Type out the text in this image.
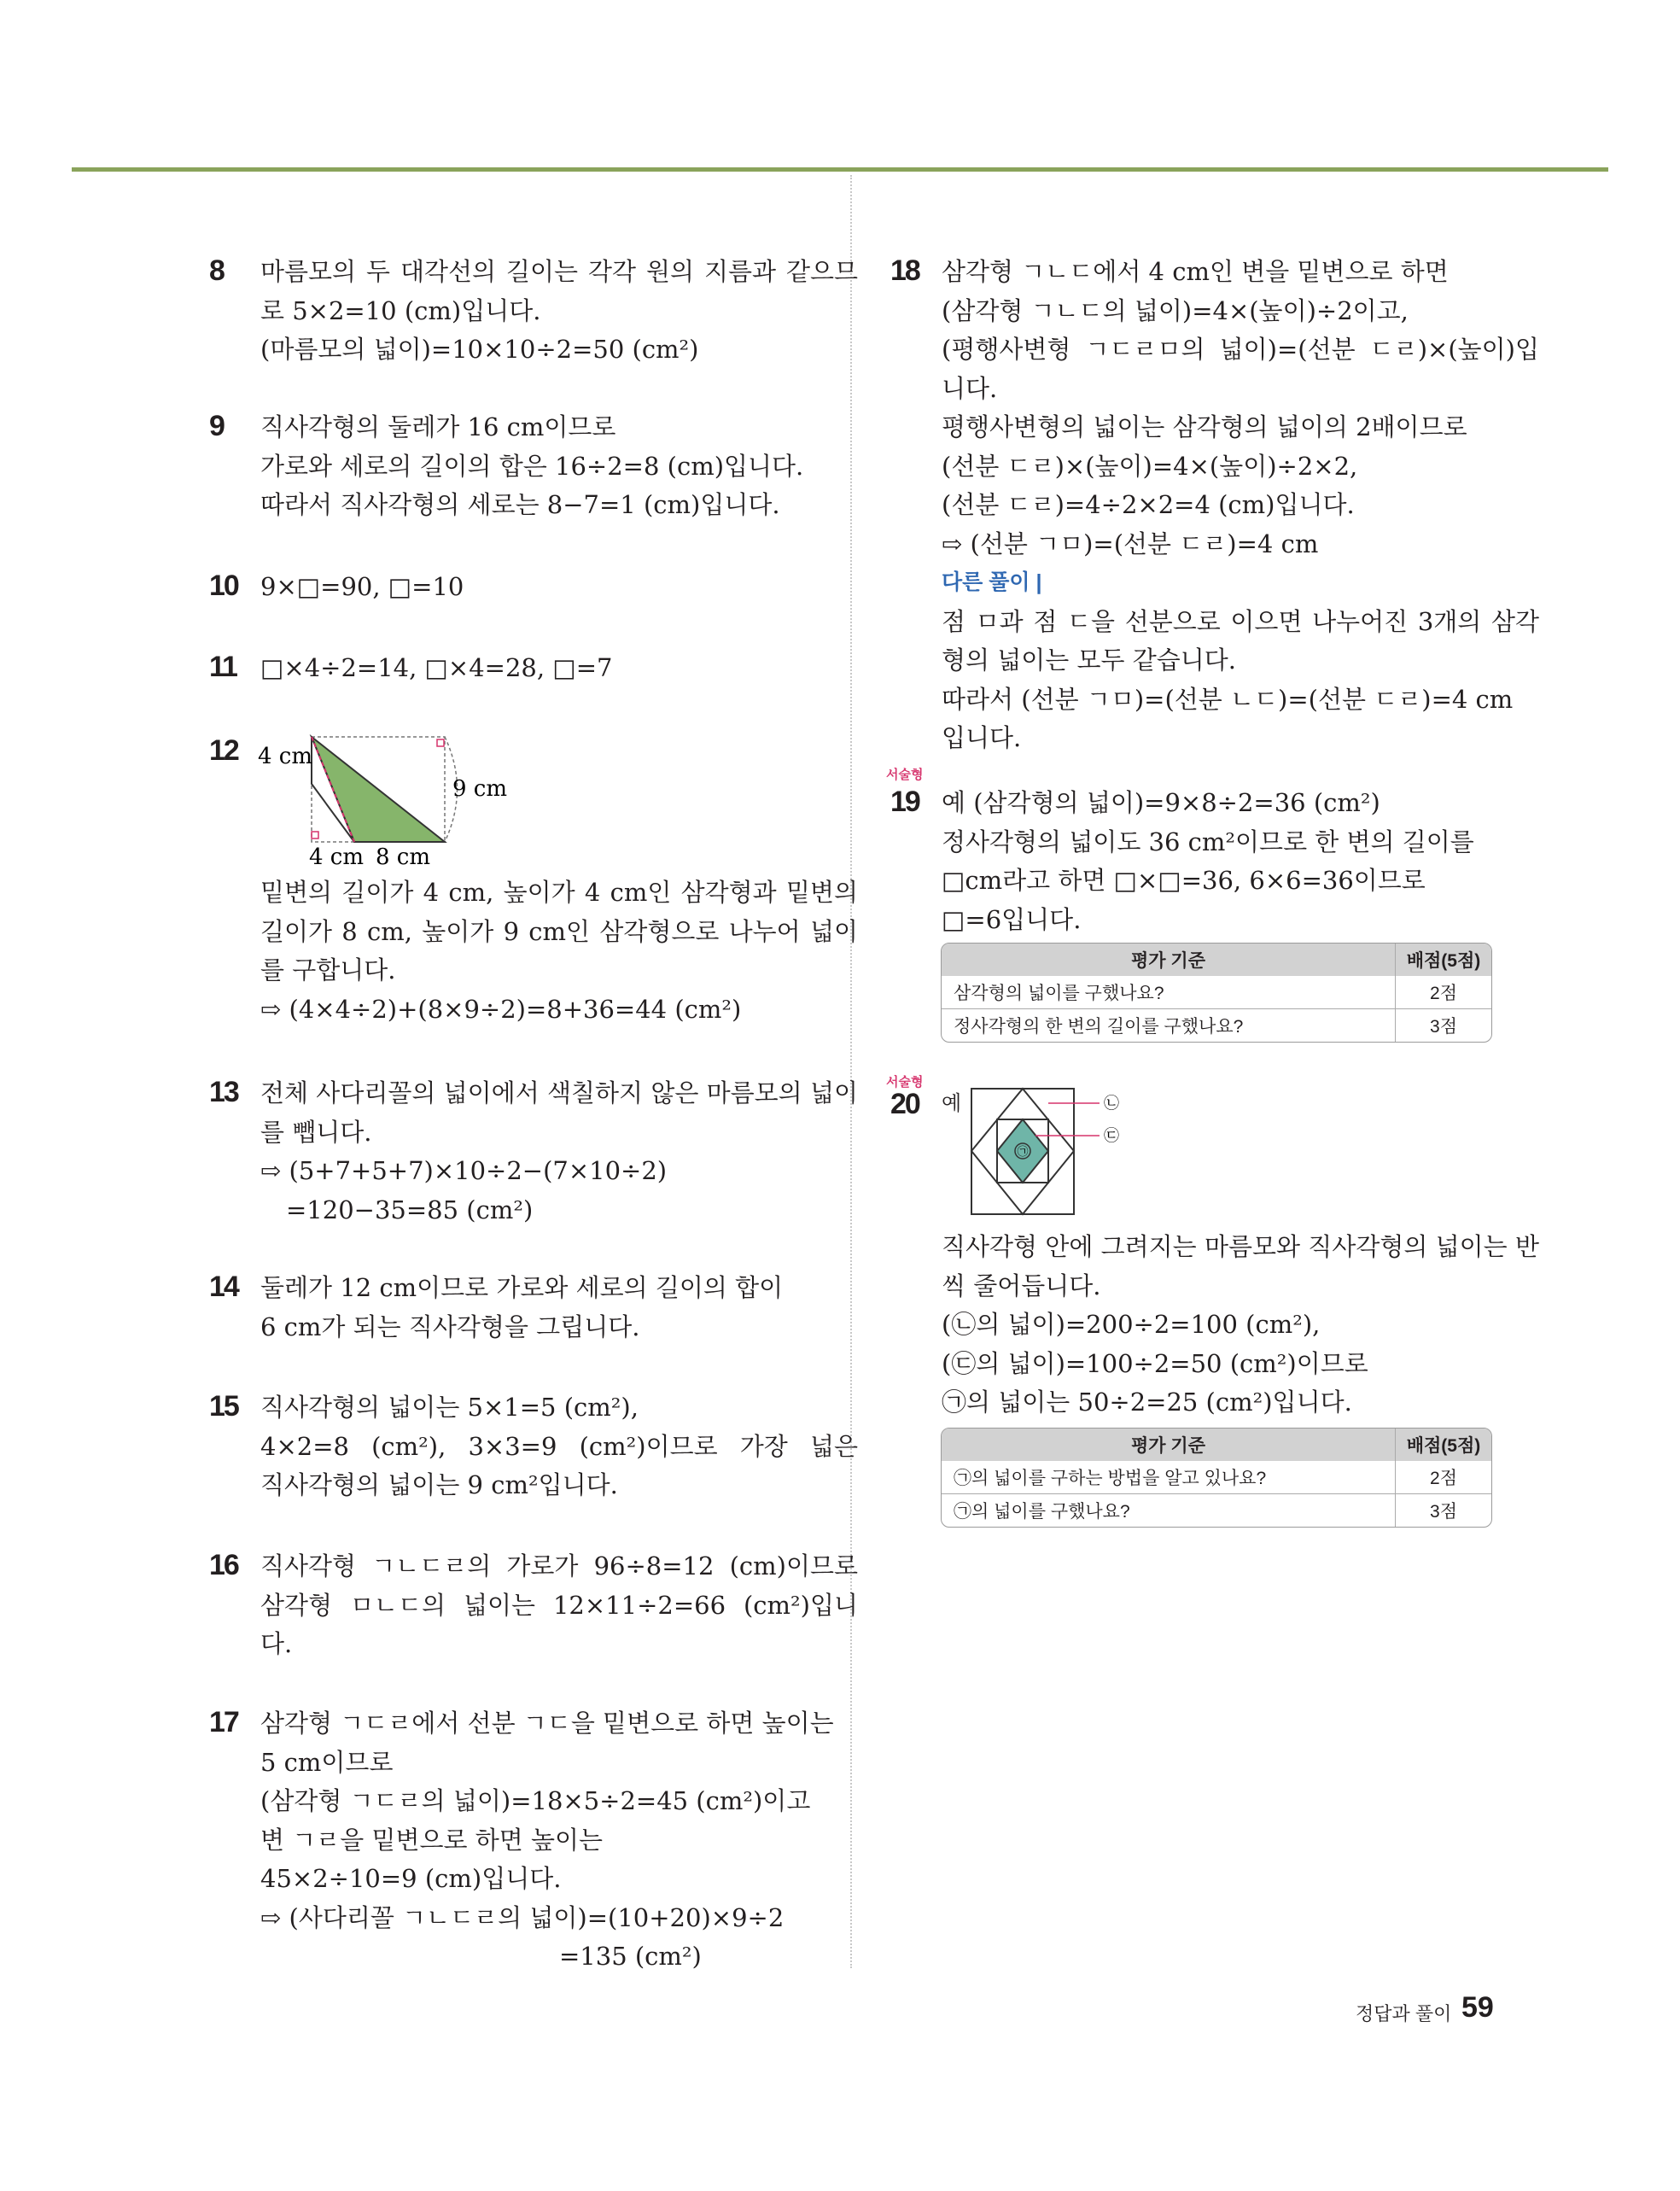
8	마름모의 두 대각선의 길이는 각각 원의 지름과 같으므
로 5×2=10 (cm)입니다.
(마름모의 넓이)=10×10÷2=50 (cm²)
9	직사각형의 둘레가 16 cm이므로
가로와 세로의 길이의 합은 16÷2=8 (cm)입니다.
따라서 직사각형의 세로는 8−7=1 (cm)입니다.
10 9×□=90, □=10
11 □×4÷2=14, □×4=28, □=7
12 4 cm
9 cm
4 cm 8 cm
밑변의 길이가 4 cm, 높이가 4 cm인 삼각형과 밑변의
길이가 8 cm, 높이가 9 cm인 삼각형으로 나누어 넓이
를 구합니다.
⇨ (4×4÷2)+(8×9÷2)=8+36=44 (cm²)
13 전체 사다리꼴의 넓이에서 색칠하지 않은 마름모의 넓이
를 뺍니다.
⇨ (5+7+5+7)×10÷2−(7×10÷2)
=120−35=85 (cm²)
14 둘레가 12 cm이므로 가로와 세로의 길이의 합이
6 cm가 되는 직사각형을 그립니다.
15 직사각형의 넓이는 5×1=5 (cm²),
4×2=8 (cm²), 3×3=9 (cm²)이므로 가장 넓은
직사각형의 넓이는 9 cm²입니다.
16 직사각형 ㄱㄴㄷㄹ의 가로가 96÷8=12 (cm)이므로
삼각형 ㅁㄴㄷ의 넓이는 12×11÷2=66 (cm²)입니
다.
17 삼각형 ㄱㄷㄹ에서 선분 ㄱㄷ을 밑변으로 하면 높이는
5 cm이므로
(삼각형 ㄱㄷㄹ의 넓이)=18×5÷2=45 (cm²)이고
변 ㄱㄹ을 밑변으로 하면 높이는
45×2÷10=9 (cm)입니다.
⇨ (사다리꼴 ㄱㄴㄷㄹ의 넓이)=(10+20)×9÷2
=135 (cm²)
18 삼각형 ㄱㄴㄷ에서 4 cm인 변을 밑변으로 하면
(삼각형 ㄱㄴㄷ의 넓이)=4×(높이)÷2이고,
(평행사변형 ㄱㄷㄹㅁ의 넓이)=(선분 ㄷㄹ)×(높이)입
니다.
평행사변형의 넓이는 삼각형의 넓이의 2배이므로
(선분 ㄷㄹ)×(높이)=4×(높이)÷2×2,
(선분 ㄷㄹ)=4÷2×2=4 (cm)입니다.
⇨ (선분 ㄱㅁ)=(선분 ㄷㄹ)=4 cm
다른 풀이 |
점 ㅁ과 점 ㄷ을 선분으로 이으면 나누어진 3개의 삼각
형의 넓이는 모두 같습니다.
따라서 (선분 ㄱㅁ)=(선분 ㄴㄷ)=(선분 ㄷㄹ)=4 cm
입니다.
서술형
19 예 (삼각형의 넓이)=9×8÷2=36 (cm²)
정사각형의 넓이도 36 cm²이므로 한 변의 길이를
□cm라고 하면 □×□=36, 6×6=36이므로
□=6입니다.
평가 기준	배점(5점)
삼각형의 넓이를 구했나요?	2점
정사각형의 한 변의 길이를 구했나요?	3점
서술형
20	예
㉠
㉡
㉢
직사각형 안에 그려지는 마름모와 직사각형의 넓이는 반
씩 줄어듭니다.
(㉡의 넓이)=200÷2=100 (cm²),
(㉢의 넓이)=100÷2=50 (cm²)이므로
㉠의 넓이는 50÷2=25 (cm²)입니다.
평가 기준	배점(5점)
㉠의 넓이를 구하는 방법을 알고 있나요?	2점
㉠의 넓이를 구했나요?	3점
정답과 풀이 59
